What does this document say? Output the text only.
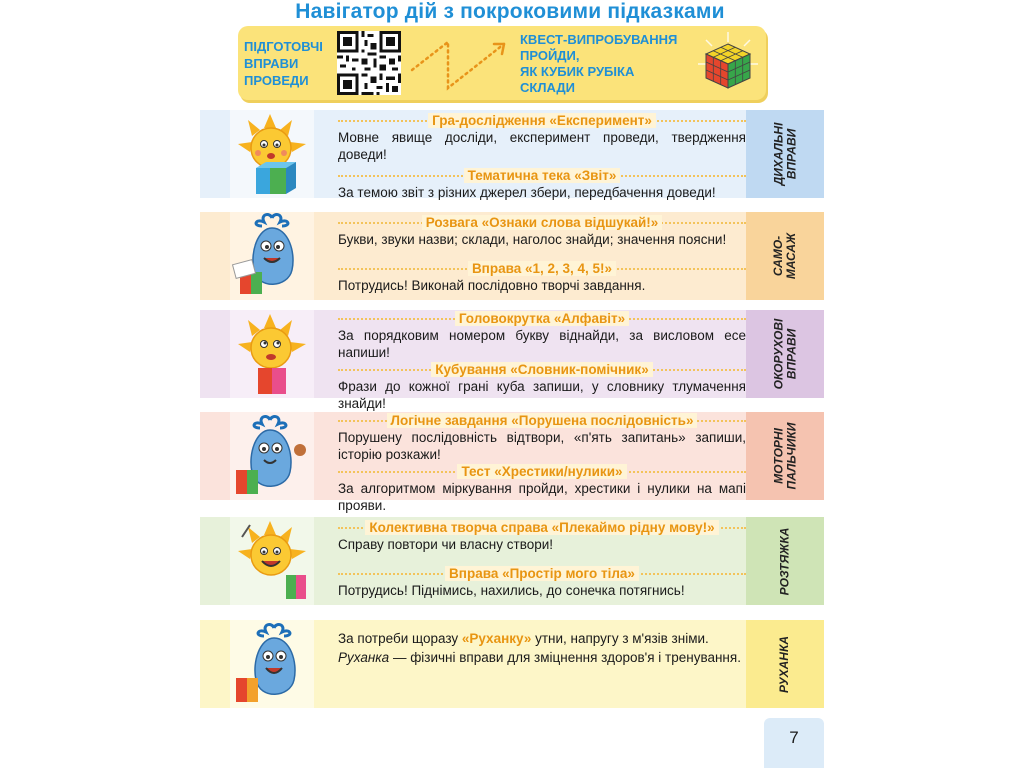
Навігатор дій з покроковими підказками
ПІДГОТОВЧІ
ВПРАВИ
ПРОВЕДИ
КВЕСТ-ВИПРОБУВАННЯ
ПРОЙДИ,
ЯК КУБИК РУБІКА
СКЛАДИ
ДИХАЛЬНІ
ВПРАВИ
Гра-дослідження «Експеримент»
Мовне явище досліди, експеримент проведи, твердження доведи!
Тематична тека «Звіт»
За темою звіт з різних джерел збери, передбачення доведи!
САМО-
МАСАЖ
Розвага «Ознаки слова відшукай!»
Букви, звуки назви; склади, наголос знайди; значення поясни!
Вправа «1, 2, 3, 4, 5!»
Потрудись! Виконай послідовно творчі завдання.
ОКОРУХОВІ
ВПРАВИ
Головокрутка «Алфавіт»
За порядковим номером букву віднайди, за висловом есе напиши!
Кубування «Словник-помічник»
Фрази до кожної грані куба запиши, у словнику тлумачення знайди!
МОТОРНІ
ПАЛЬЧИКИ
Логічне завдання «Порушена послідовність»
Порушену послідовність відтвори, «п'ять запитань» запиши, історію розкажи!
Тест «Хрестики/нулики»
За алгоритмом міркування пройди, хрестики і нулики на мапі прояви.
РОЗТЯЖКА
Колективна творча справа «Плекаймо рідну мову!»
Справу повтори чи власну створи!
Вправа «Простір мого тіла»
Потрудись! Піднімись, нахились, до сонечка потягнись!
РУХАНКА
За потреби щоразу «Руханку» утни, напругу з м'язів зніми.
Руханка — фізичні вправи для зміцнення здоров'я і тренування.
7
